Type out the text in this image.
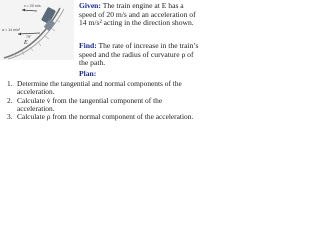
v = 20 m/s
a = 14 m/s²
75°
E
Given: The train engine at E has a speed of 20 m/s and an acceleration of 14 m/s² acting in the direction shown.
Find: The rate of increase in the train’s speed and the radius of curvature ρ of the path.
Plan:
1. Determine the tangential and normal components of the acceleration.
2. Calculate v̇ from the tangential component of the acceleration.
3. Calculate ρ from the normal component of the acceleration.
